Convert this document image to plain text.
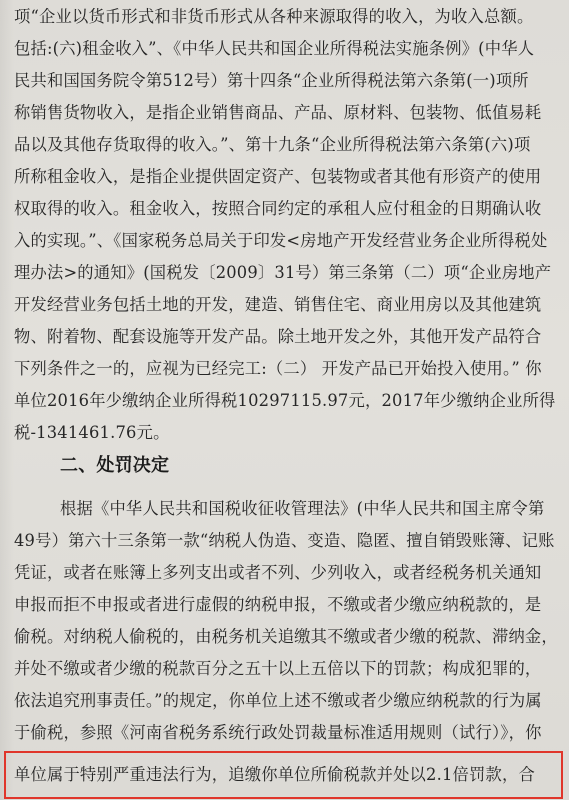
项“企业以货币形式和非货币形式从各种来源取得的收入，为收入总额。
包括:(六)租金收入”、《中华人民共和国企业所得税法实施条例》(中华人
民共和国国务院令第512号）第十四条“企业所得税法第六条第(一)项所
称销售货物收入，是指企业销售商品、产品、原材料、包装物、低值易耗
品以及其他存货取得的收入。”、第十九条“企业所得税法第六条第(六)项
所称租金收入，是指企业提供固定资产、包装物或者其他有形资产的使用
权取得的收入。租金收入，按照合同约定的承租人应付租金的日期确认收
入的实现。”、《国家税务总局关于印发<房地产开发经营业务企业所得税处
理办法>的通知》(国税发〔2009〕31号）第三条第（二）项“企业房地产
开发经营业务包括土地的开发，建造、销售住宅、商业用房以及其他建筑
物、附着物、配套设施等开发产品。除土地开发之外，其他开发产品符合
下列条件之一的，应视为已经完工:（二） 开发产品已开始投入使用。” 你
单位2016年少缴纳企业所得税10297115.97元，2017年少缴纳企业所得
税-1341461.76元。
二、处罚决定
根据《中华人民共和国税收征收管理法》(中华人民共和国主席令第
49号）第六十三条第一款“纳税人伪造、变造、隐匿、擅自销毁账簿、记账
凭证，或者在账簿上多列支出或者不列、少列收入，或者经税务机关通知
申报而拒不申报或者进行虚假的纳税申报，不缴或者少缴应纳税款的，是
偷税。对纳税人偷税的，由税务机关追缴其不缴或者少缴的税款、滞纳金，
并处不缴或者少缴的税款百分之五十以上五倍以下的罚款；构成犯罪的，
依法追究刑事责任。”的规定，你单位上述不缴或者少缴应纳税款的行为属
于偷税，参照《河南省税务系统行政处罚裁量标准适用规则（试行）》，你
单位属于特别严重违法行为，追缴你单位所偷税款并处以2.1倍罚款，合
